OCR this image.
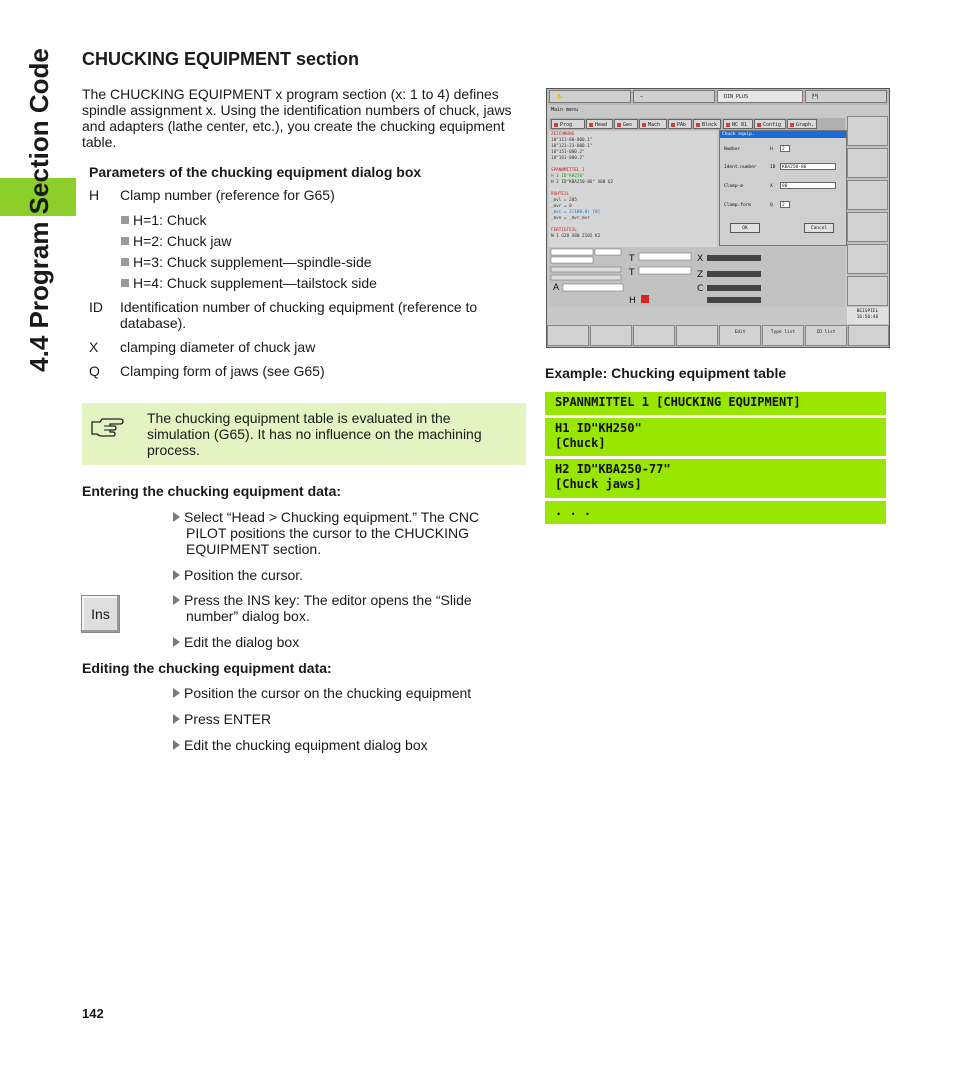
4.4 Program Section Code CHUCKING EQUIPMENT section
The CHUCKING EQUIPMENT x program section (x: 1 to 4) defines
spindle assignment x. Using the identification numbers of chuck, jaws
and adapters (lathe center, etc.), you create the chucking equipment
table.
Parameters of the chucking equipment dialog box
H Clamp number (reference for G65)
H=1: Chuck
H=2: Chuck jaw
H=3: Chuck supplement—spindle-side
H=4: Chuck supplement—tailstock side
ID Identification number of chucking equipment (reference to
database).
X clamping diameter of chuck jaw
Q Clamping form of jaws (see G65)
The chucking equipment table is evaluated in the
simulation (G65). It has no influence on the machining
process.
Entering the chucking equipment data:
Select “Head > Chucking equipment.” The CNC
PILOT positions the cursor to the CHUCKING
EQUIPMENT section.
Position the cursor.
Ins
Press the INS key: The editor opens the “Slide
number” dialog box.
Edit the dialog box
Editing the chucking equipment data:
Position the cursor on the chucking equipment
Press ENTER
Edit the chucking equipment dialog box
✋	⇨	DIN PLUS	💾
Main menu
Prog	Head	Geo	Mach	PAb	Block	NC 81	Config	Graph.
ZEICHNUNG
10"111-80-000.1"
10"121-23-000.1"
10"151-000.2"
10"161-000.2"

SPANNMITTEL 1
H 1 ID"KH250"
H 2 ID"KBA250-86" X80 Q2

ROHTEIL
_mvl = 205
_mvr = 0
_mvc = 2(100,0) [0]
_mvn = _mvr_mvr

FERTIGTEIL
N 1 G20 X80 Z105 K2
Chuck equip.
Number	H	2
Ident.number	ID	KBA250-86
Clamp-ø	X	80
Clamp.form	Q	2
OK	Cancel
A
T
T
H
X
Z
C
BEISPIEL
16:56:46
Edit	Type list	ID list
Example: Chucking equipment table
SPANNMITTEL 1 [CHUCKING EQUIPMENT]
H1 ID"KH250"
[Chuck]
H2 ID"KBA250-77"
[Chuck jaws]
. . .
142
